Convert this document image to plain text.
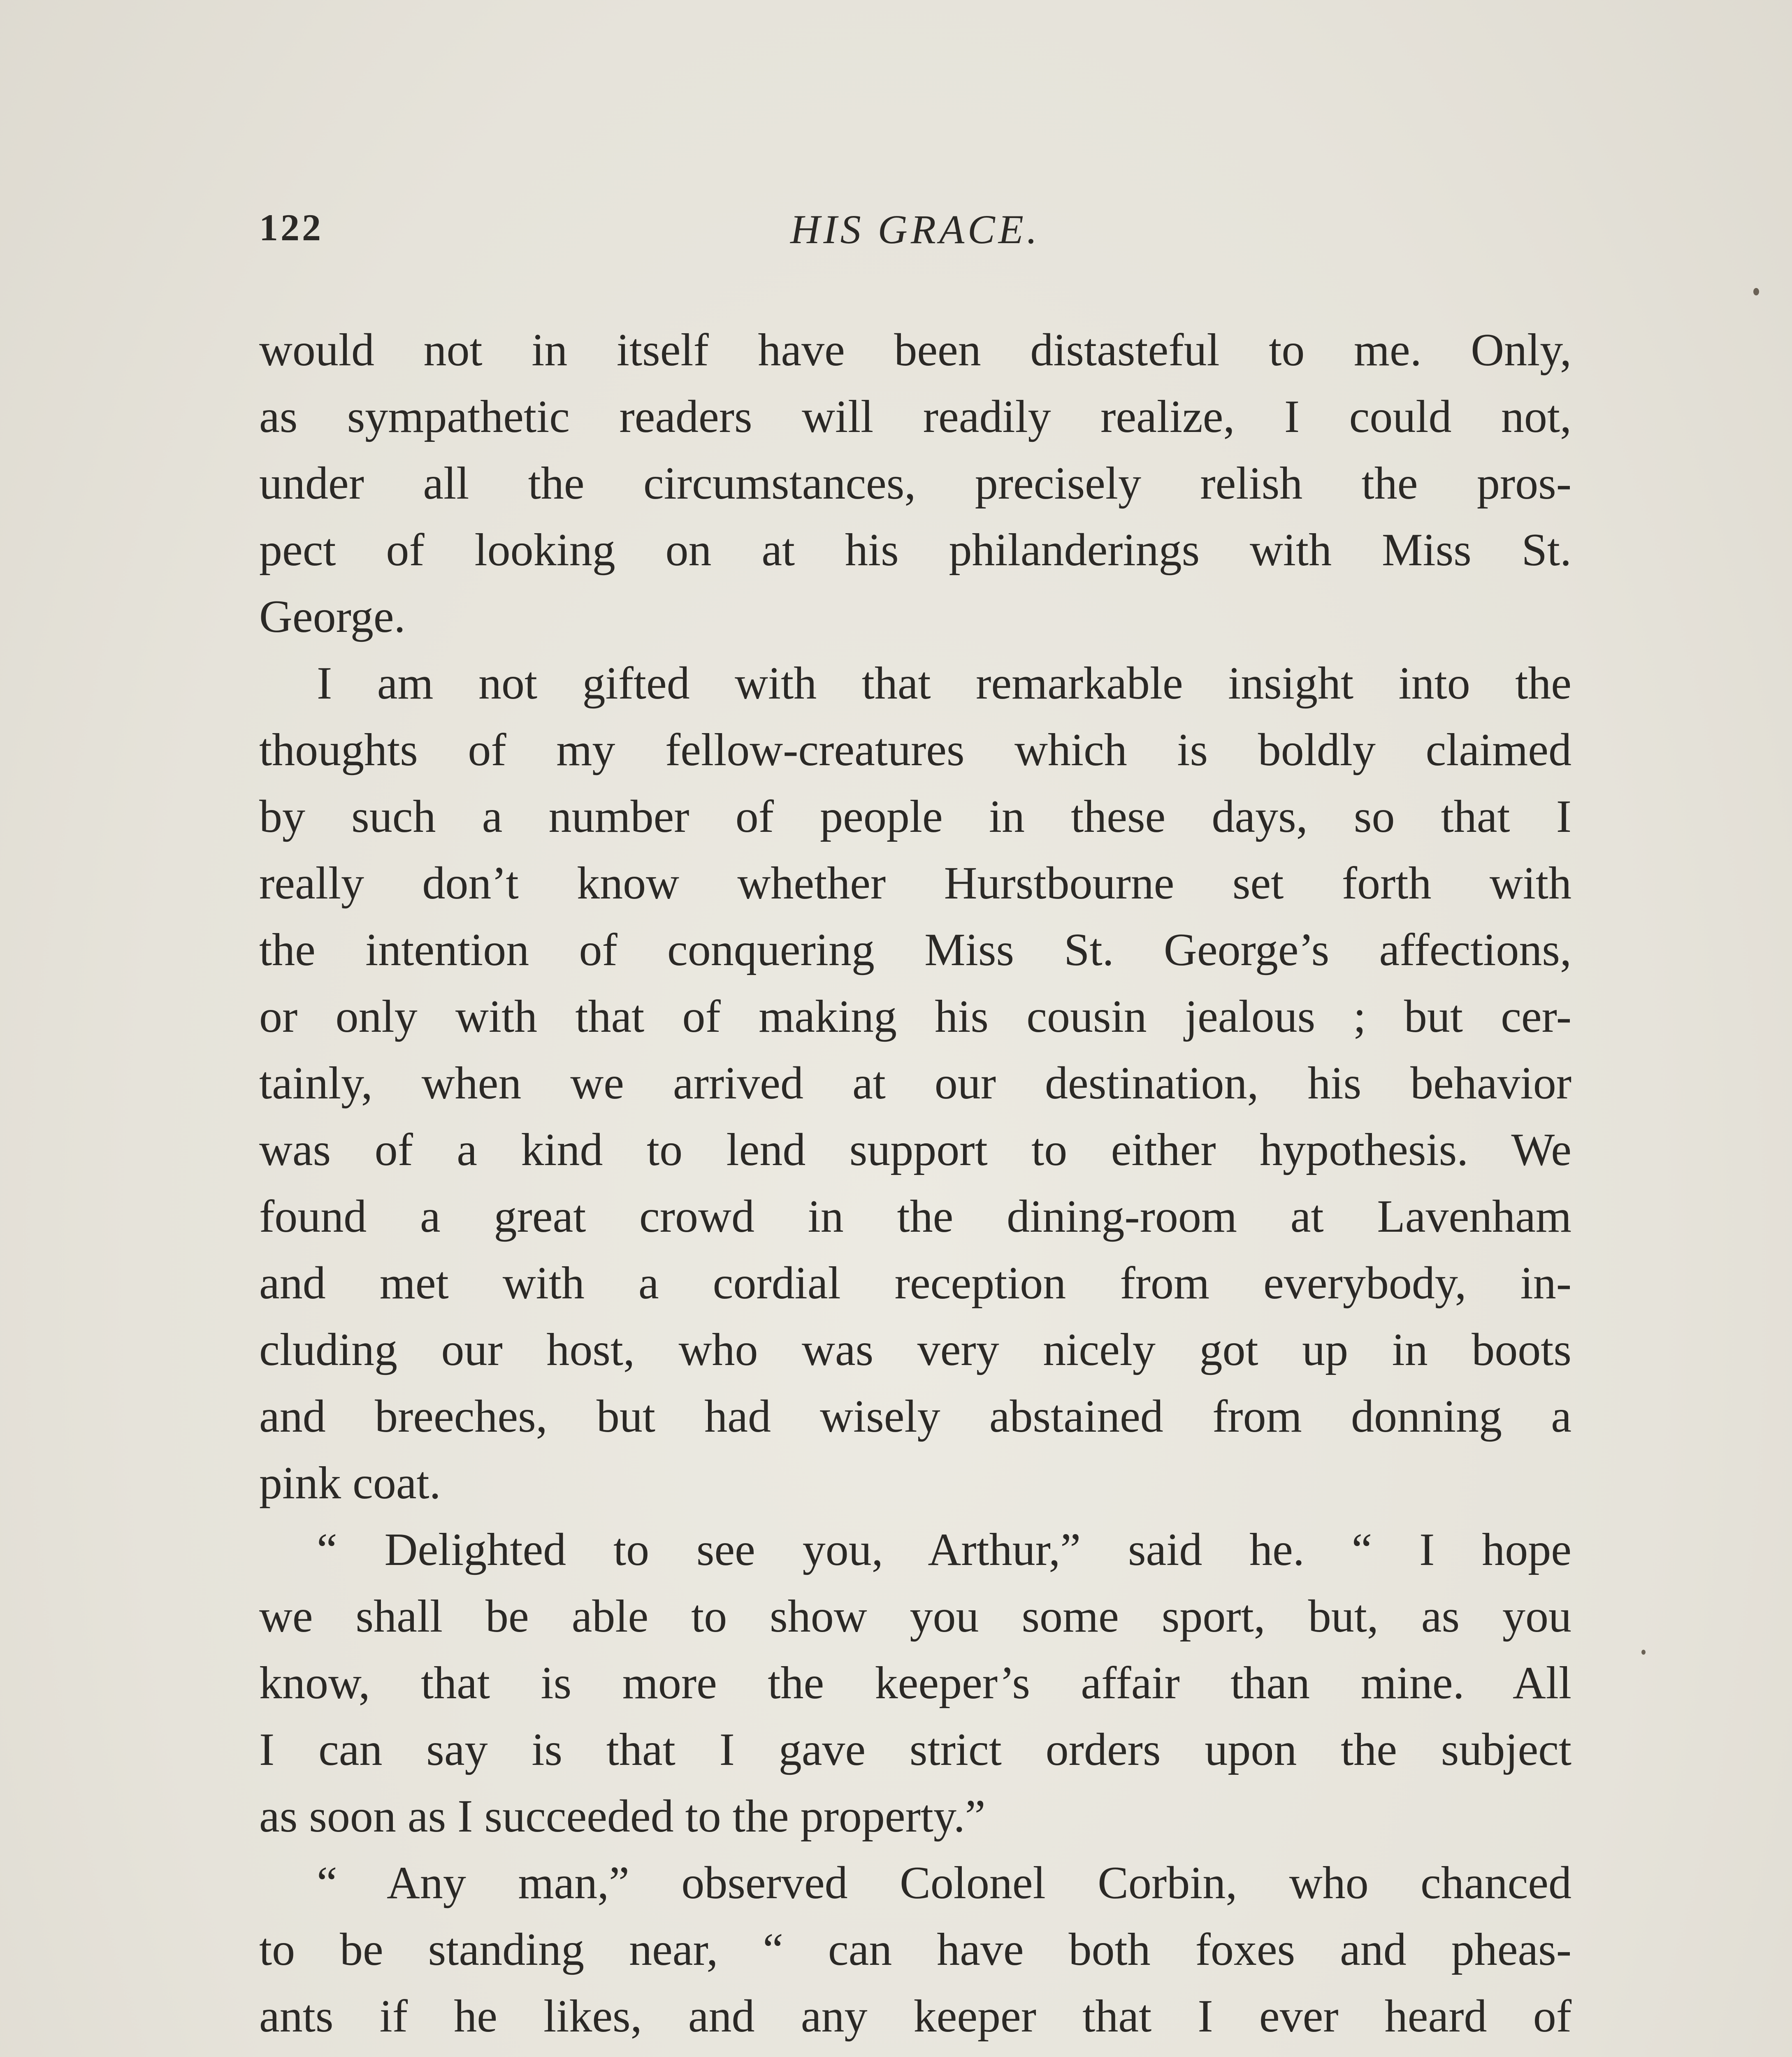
122	HIS GRACE.
would not in itself have been distasteful to me. Only,
as sympathetic readers will readily realize, I could not,
under all the circumstances, precisely relish the pros-
pect of looking on at his philanderings with Miss St.
George.
I am not gifted with that remarkable insight into the
thoughts of my fellow-creatures which is boldly claimed
by such a number of people in these days, so that I
really don’t know whether Hurstbourne set forth with
the intention of conquering Miss St. George’s affections,
or only with that of making his cousin jealous ; but cer-
tainly, when we arrived at our destination, his behavior
was of a kind to lend support to either hypothesis. We
found a great crowd in the dining-room at Lavenham
and met with a cordial reception from everybody, in-
cluding our host, who was very nicely got up in boots
and breeches, but had wisely abstained from donning a
pink coat.
“ Delighted to see you, Arthur,” said he. “ I hope
we shall be able to show you some sport, but, as you
know, that is more the keeper’s affair than mine. All
I can say is that I gave strict orders upon the subject
as soon as I succeeded to the property.”
“ Any man,” observed Colonel Corbin, who chanced
to be standing near, “ can have both foxes and pheas-
ants if he likes, and any keeper that I ever heard of
